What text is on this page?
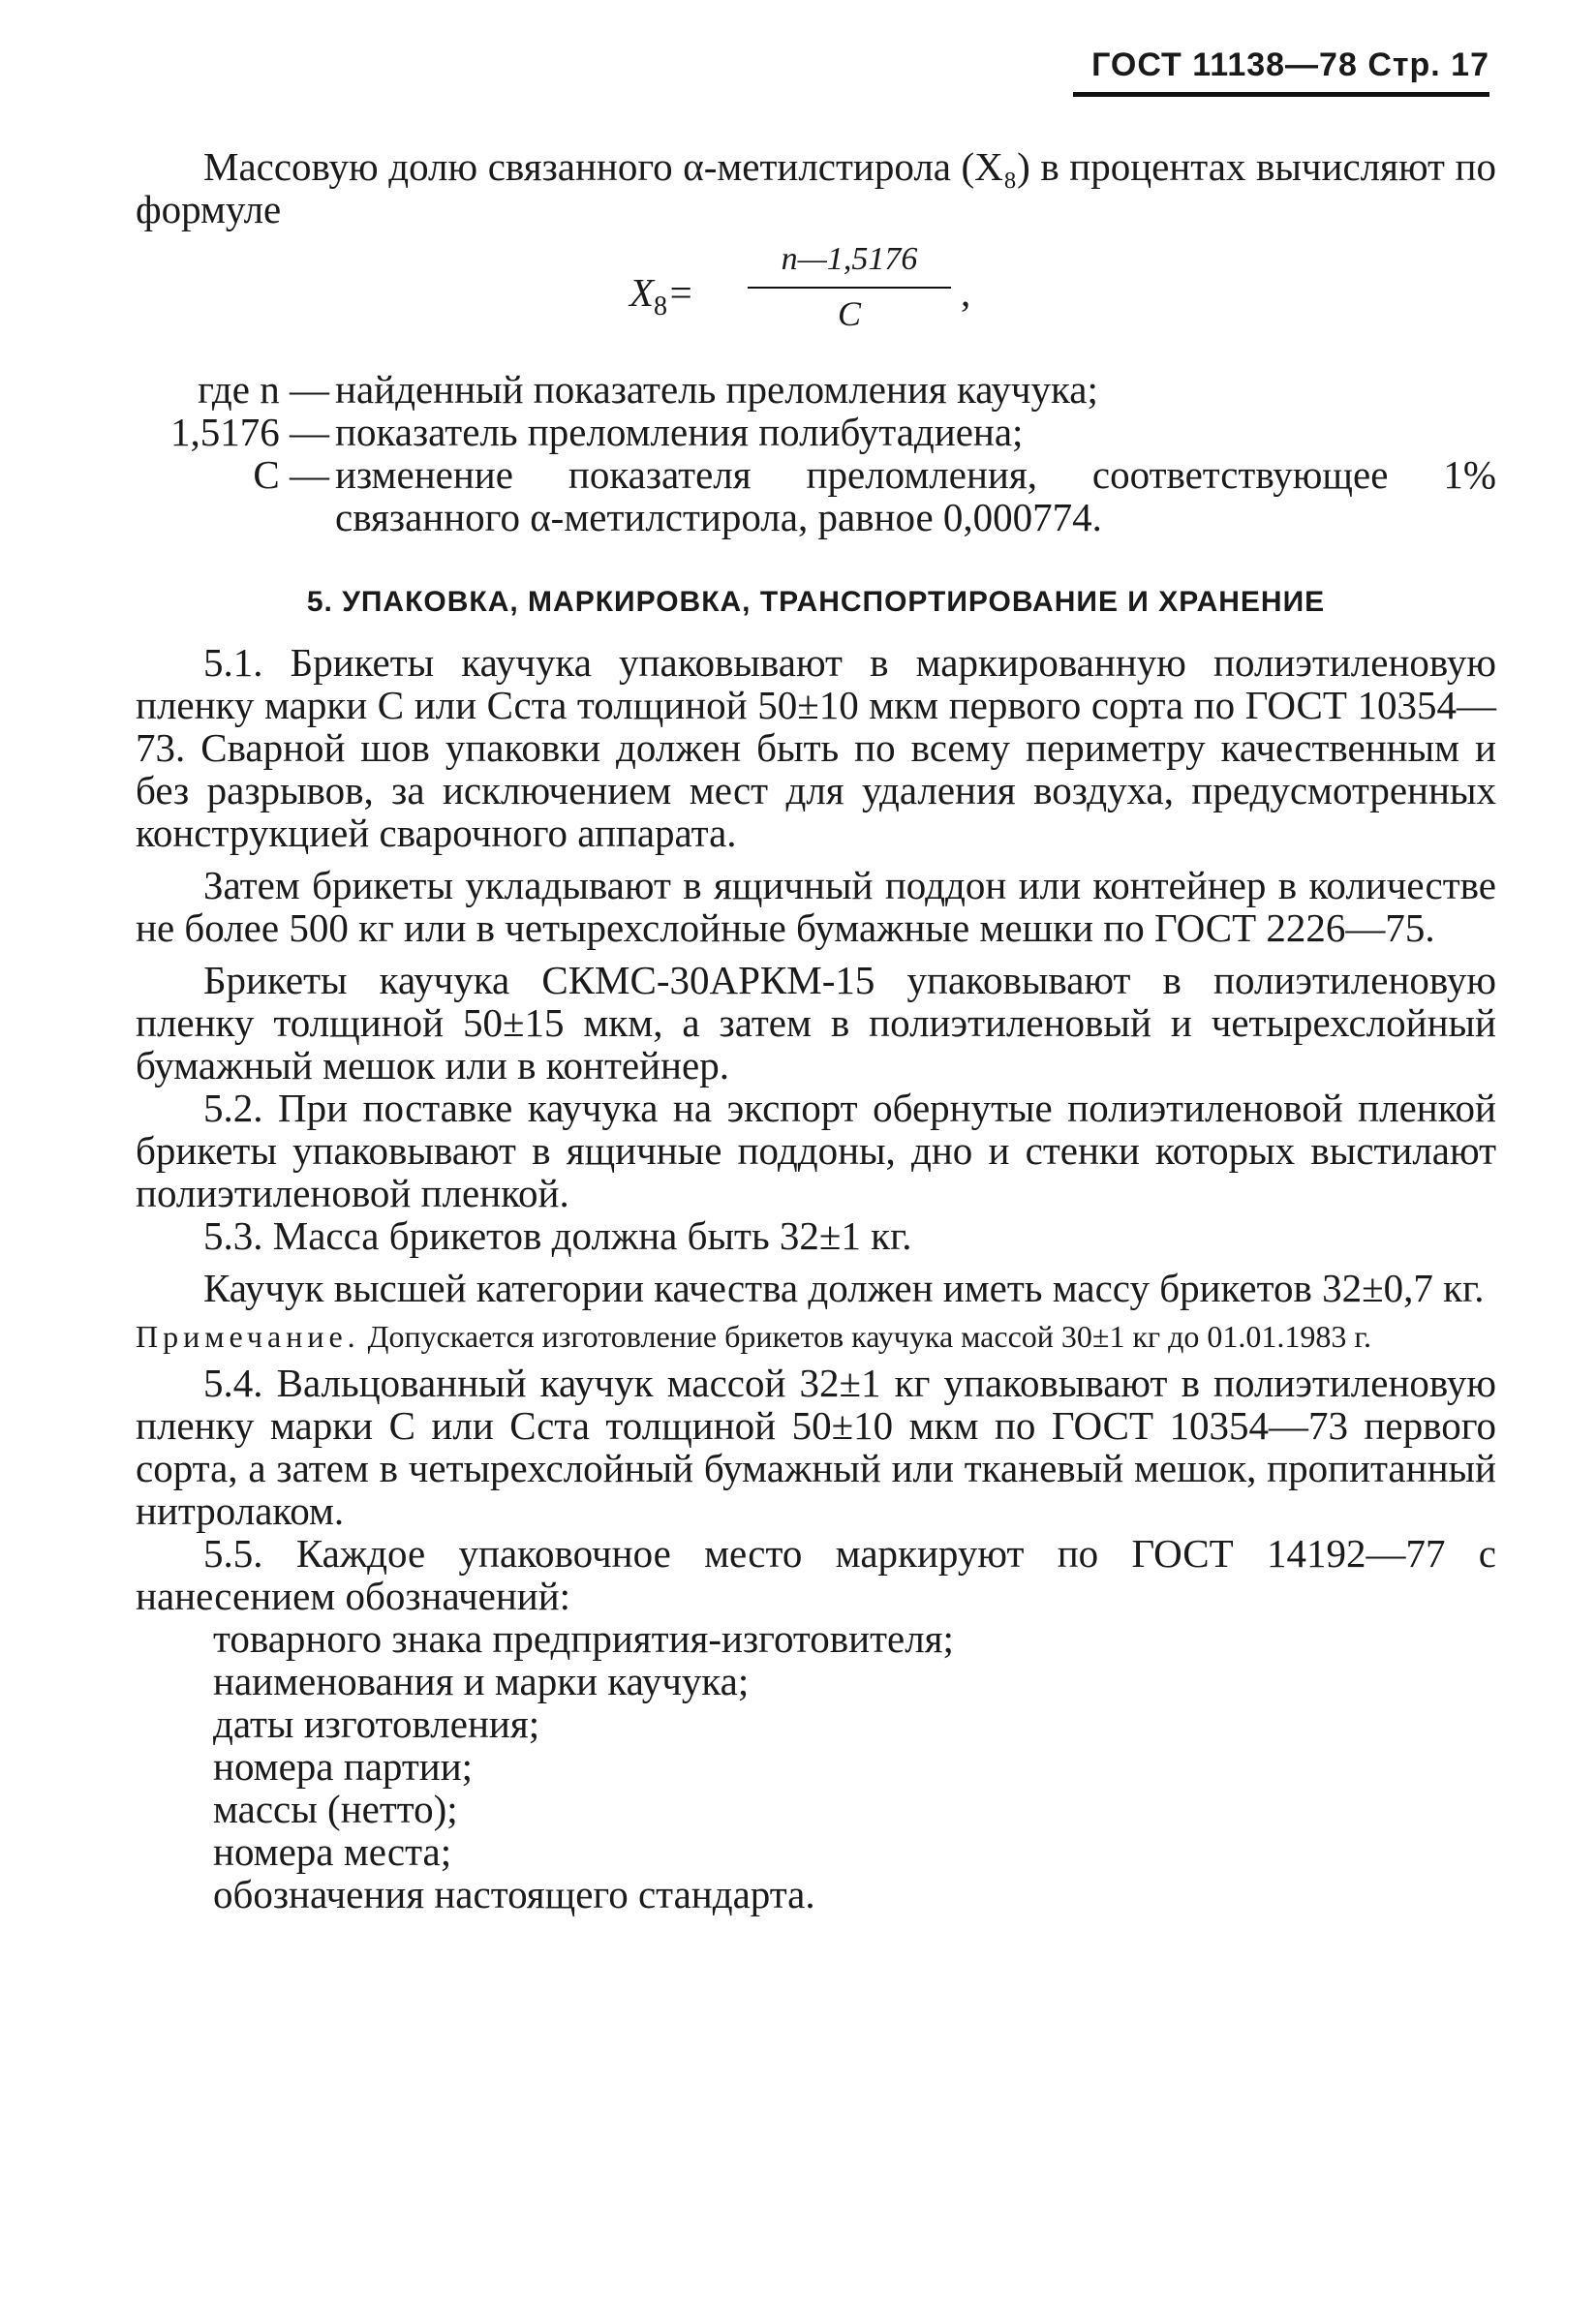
ГОСТ 11138—78 Стр. 17

Массовую долю связанного α-метилстирола (X₈) в процентах вычисляют по формуле

$X_8= \frac{n—1,5176}{C}$ ,
где n — найденный показатель преломления каучука;
1,5176 — показатель преломления полибутадиена;
C — изменение показателя преломления, соответствующее 1% связанного α-метилстирола, равное 0,000774.
5. УПАКОВКА, МАРКИРОВКА, ТРАНСПОРТИРОВАНИЕ И ХРАНЕНИЕ

5.1. Брикеты каучука упаковывают в маркированную полиэтиленовую пленку марки С или Сста толщиной 50±10 мкм первого сорта по ГОСТ 10354—73. Сварной шов упаковки должен быть по всему периметру качественным и без разрывов, за исключением мест для удаления воздуха, предусмотренных конструкцией сварочного аппарата.

Затем брикеты укладывают в ящичный поддон или контейнер в количестве не более 500 кг или в четырехслойные бумажные мешки по ГОСТ 2226—75.

Брикеты каучука СКМС-30АРКМ-15 упаковывают в полиэтиленовую пленку толщиной 50±15 мкм, а затем в полиэтиленовый и четырехслойный бумажный мешок или в контейнер.

5.2. При поставке каучука на экспорт обернутые полиэтиленовой пленкой брикеты упаковывают в ящичные поддоны, дно и стенки которых выстилают полиэтиленовой пленкой.

5.3. Масса брикетов должна быть 32±1 кг.

Каучук высшей категории качества должен иметь массу брикетов 32±0,7 кг.

Примечание. Допускается изготовление брикетов каучука массой 30±1 кг до 01.01.1983 г.

5.4. Вальцованный каучук массой 32±1 кг упаковывают в полиэтиленовую пленку марки С или Сста толщиной 50±10 мкм по ГОСТ 10354—73 первого сорта, а затем в четырехслойный бумажный или тканевый мешок, пропитанный нитролаком.

5.5. Каждое упаковочное место маркируют по ГОСТ 14192—77 с нанесением обозначений:

товарного знака предприятия-изготовителя;
наименования и марки каучука;
даты изготовления;
номера партии;
массы (нетто);
номера места;
обозначения настоящего стандарта.
